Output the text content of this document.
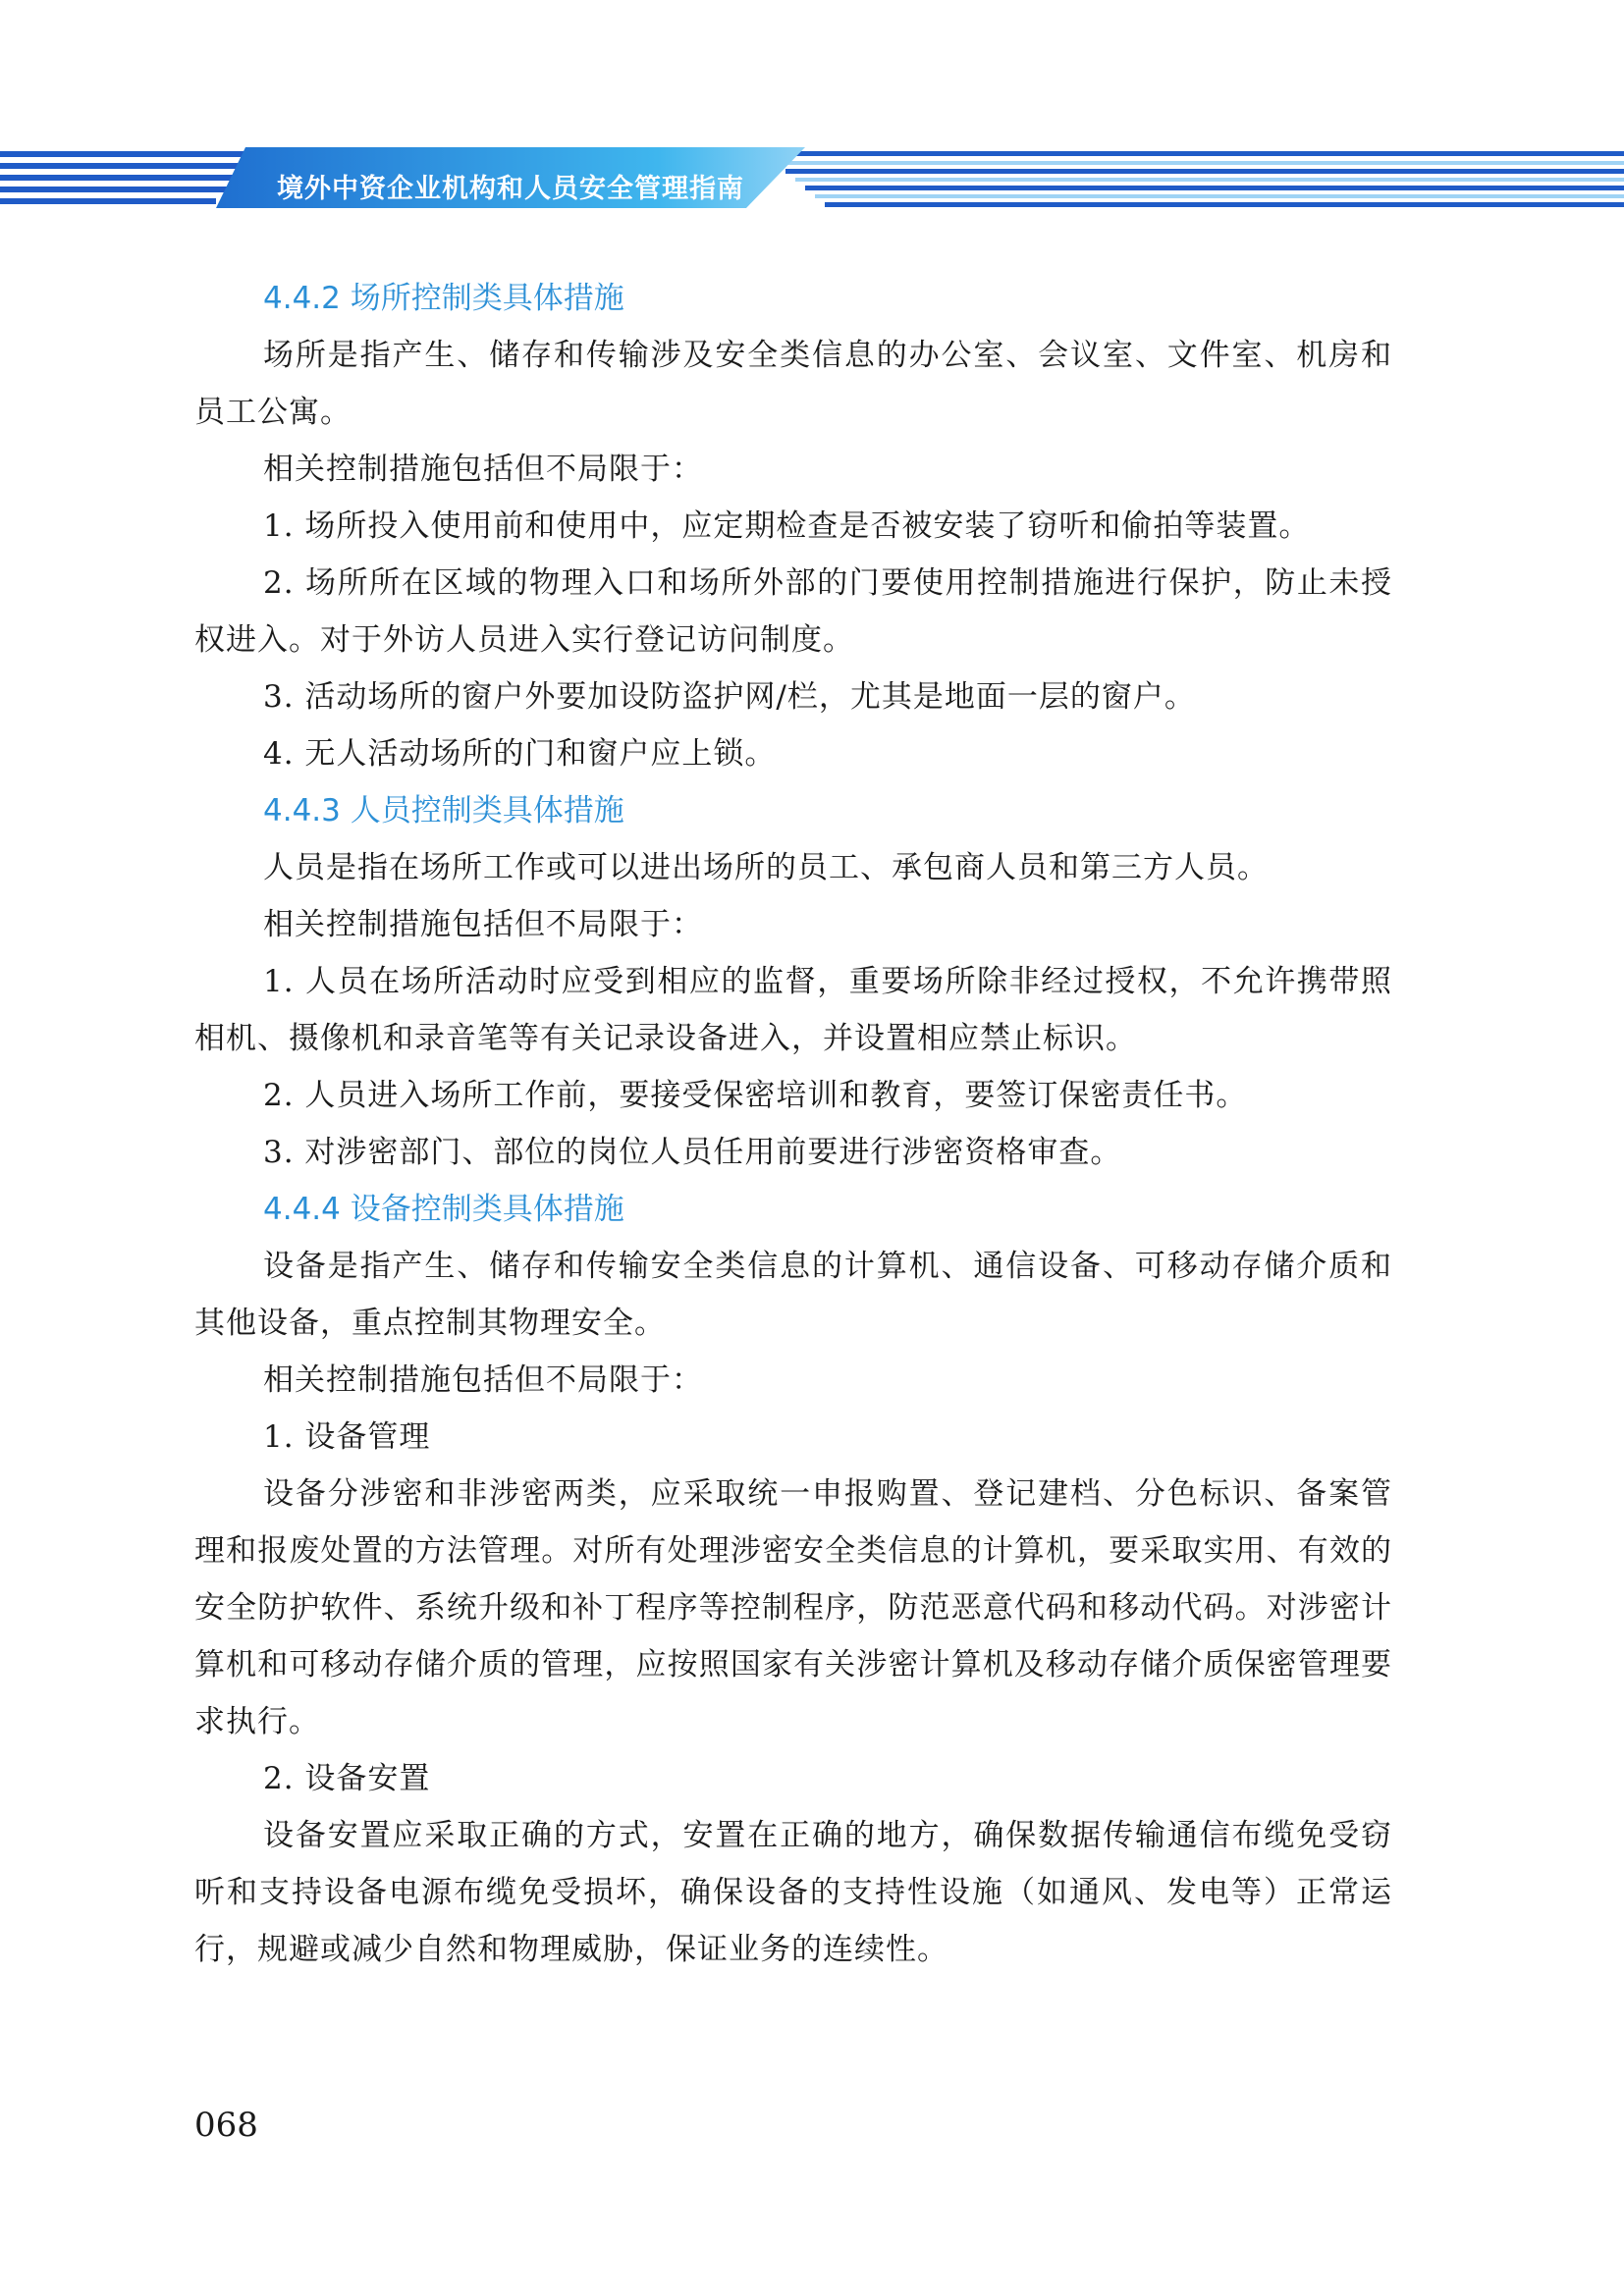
境外中资企业机构和人员安全管理指南
4.4.2 场所控制类具体措施

场所是指产生、储存和传输涉及安全类信息的办公室、会议室、文件室、机房和员工公寓。

相关控制措施包括但不局限于：

1. 场所投入使用前和使用中，应定期检查是否被安装了窃听和偷拍等装置。

2. 场所所在区域的物理入口和场所外部的门要使用控制措施进行保护，防止未授权进入。对于外访人员进入实行登记访问制度。

3. 活动场所的窗户外要加设防盗护网/栏，尤其是地面一层的窗户。

4. 无人活动场所的门和窗户应上锁。

4.4.3 人员控制类具体措施

人员是指在场所工作或可以进出场所的员工、承包商人员和第三方人员。

相关控制措施包括但不局限于：

1. 人员在场所活动时应受到相应的监督，重要场所除非经过授权，不允许携带照相机、摄像机和录音笔等有关记录设备进入，并设置相应禁止标识。

2. 人员进入场所工作前，要接受保密培训和教育，要签订保密责任书。

3. 对涉密部门、部位的岗位人员任用前要进行涉密资格审查。

4.4.4 设备控制类具体措施

设备是指产生、储存和传输安全类信息的计算机、通信设备、可移动存储介质和其他设备，重点控制其物理安全。

相关控制措施包括但不局限于：

1. 设备管理

设备分涉密和非涉密两类，应采取统一申报购置、登记建档、分色标识、备案管理和报废处置的方法管理。对所有处理涉密安全类信息的计算机，要采取实用、有效的安全防护软件、系统升级和补丁程序等控制程序，防范恶意代码和移动代码。对涉密计算机和可移动存储介质的管理，应按照国家有关涉密计算机及移动存储介质保密管理要求执行。

2. 设备安置

设备安置应采取正确的方式，安置在正确的地方，确保数据传输通信布缆免受窃听和支持设备电源布缆免受损坏，确保设备的支持性设施（如通风、发电等）正常运行，规避或减少自然和物理威胁，保证业务的连续性。

068
